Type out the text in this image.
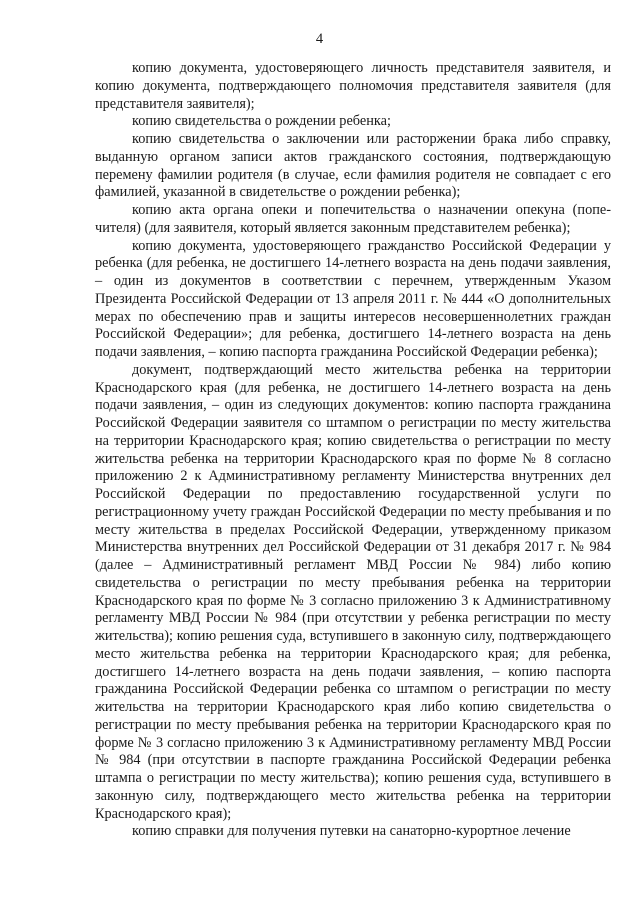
4

копию документа, удостоверяющего личность представителя заявителя, и копию документа, подтверждающего полномочия представителя заявителя (для представителя заявителя);

копию свидетельства о рождении ребенка;

копию свидетельства о заключении или расторжении брака либо справку, выданную органом записи актов гражданского состояния, подтверждающую перемену фамилии родителя (в случае, если фамилия родителя не совпадает с его фамилией, указанной в свидетельстве о рождении ребенка);

копию акта органа опеки и попечительства о назначении опекуна (попечителя) (для заявителя, который является законным представителем ребенка);

копию документа, удостоверяющего гражданство Российской Федерации у ребенка (для ребенка, не достигшего 14-летнего возраста на день подачи заявления, – один из документов в соответствии с перечнем, утвержденным Указом Президента Российской Федерации от 13 апреля 2011 г. № 444 «О дополнительных мерах по обеспечению прав и защиты интересов несовершеннолетних граждан Российской Федерации»; для ребенка, достигшего 14-летнего возраста на день подачи заявления, – копию паспорта гражданина Российской Федерации ребенка);

документ, подтверждающий место жительства ребенка на территории Краснодарского края (для ребенка, не достигшего 14-летнего возраста на день подачи заявления, – один из следующих документов: копию паспорта гражданина Российской Федерации заявителя со штампом о регистрации по месту жительства на территории Краснодарского края; копию свидетельства о регистрации по месту жительства ребенка на территории Краснодарского края по форме № 8 согласно приложению 2 к Административному регламенту Министерства внутренних дел Российской Федерации по предоставлению государственной услуги по регистрационному учету граждан Российской Федерации по месту пребывания и по месту жительства в пределах Российской Федерации, утвержденному приказом Министерства внутренних дел Российской Федерации от 31 декабря 2017 г. № 984 (далее – Административный регламент МВД России № 984) либо копию свидетельства о регистрации по месту пребывания ребенка на территории Краснодарского края по форме № 3 согласно приложению 3 к Административному регламенту МВД России № 984 (при отсутствии у ребенка регистрации по месту жительства); копию решения суда, вступившего в законную силу, подтверждающего место жительства ребенка на территории Краснодарского края; для ребенка, достигшего 14-летнего возраста на день подачи заявления, – копию паспорта гражданина Российской Федерации ребенка со штампом о регистрации по месту жительства на территории Краснодарского края либо копию свидетельства о регистрации по месту пребывания ребенка на территории Краснодарского края по форме № 3 согласно приложению 3 к Административному регламенту МВД России № 984 (при отсутствии в паспорте гражданина Российской Федерации ребенка штампа о регистрации по месту жительства); копию решения суда, вступившего в законную силу, подтверждающего место жительства ребенка на территории Краснодарского края);

копию справки для получения путевки на санаторно-курортное лечение
